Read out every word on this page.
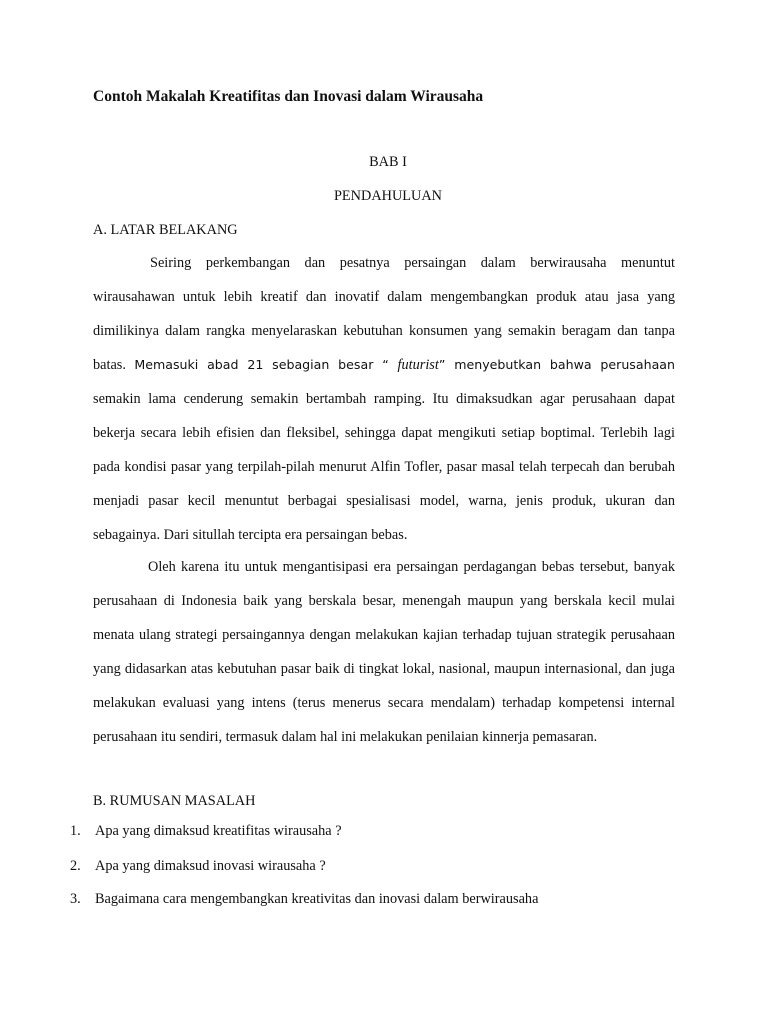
Contoh Makalah Kreatifitas dan Inovasi dalam Wirausaha
BAB I
PENDAHULUAN
A. LATAR BELAKANG

Seiring perkembangan dan pesatnya persaingan dalam berwirausaha menuntut wirausahawan untuk lebih kreatif dan inovatif dalam mengembangkan produk atau jasa yang dimilikinya dalam rangka menyelaraskan kebutuhan konsumen yang semakin beragam dan tanpa batas. Memasuki abad 21 sebagian besar “ futurist” menyebutkan bahwa perusahaan semakin lama cenderung semakin bertambah ramping. Itu dimaksudkan agar perusahaan dapat bekerja secara lebih efisien dan fleksibel, sehingga dapat mengikuti setiap boptimal. Terlebih lagi pada kondisi pasar yang terpilah-pilah menurut Alfin Tofler, pasar masal telah terpecah dan berubah menjadi pasar kecil menuntut berbagai spesialisasi model, warna, jenis produk, ukuran dan sebagainya. Dari situllah tercipta era persaingan bebas.

Oleh karena itu untuk mengantisipasi era persaingan perdagangan bebas tersebut, banyak perusahaan di Indonesia baik yang berskala besar, menengah maupun yang berskala kecil mulai menata ulang strategi persaingannya dengan melakukan kajian terhadap tujuan strategik perusahaan yang didasarkan atas kebutuhan pasar baik di tingkat lokal, nasional, maupun internasional, dan juga melakukan evaluasi yang intens (terus menerus secara mendalam) terhadap kompetensi internal perusahaan itu sendiri, termasuk dalam hal ini melakukan penilaian kinnerja pemasaran.

B. RUMUSAN MASALAH
1. Apa yang dimaksud kreatifitas wirausaha ?
2. Apa yang dimaksud inovasi wirausaha ?
3. Bagaimana cara mengembangkan kreativitas dan inovasi dalam berwirausaha
